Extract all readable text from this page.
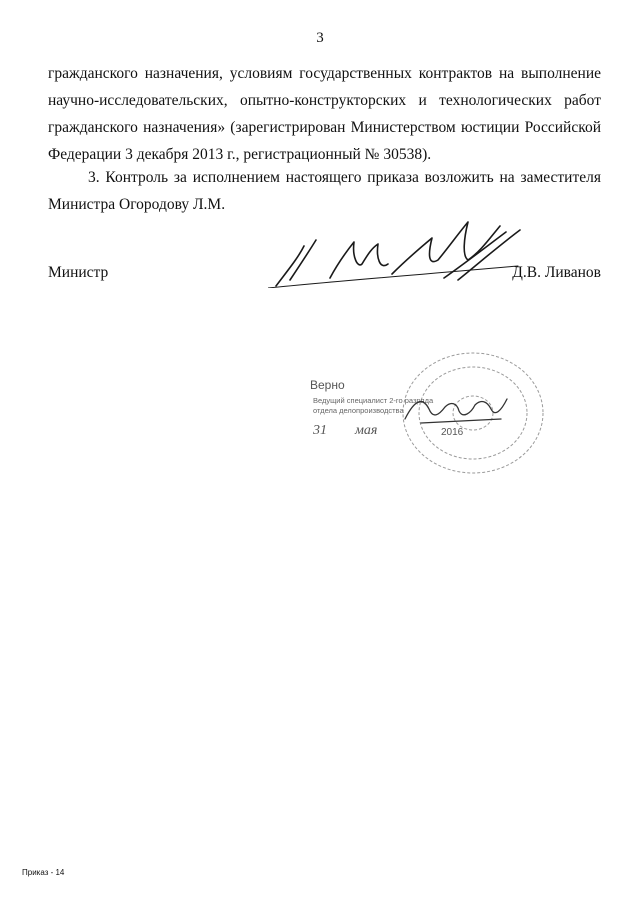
3
гражданского назначения, условиям государственных контрактов на выполнение научно-исследовательских, опытно-конструкторских и технологических работ гражданского назначения» (зарегистрирован Министерством юстиции Российской Федерации 3 декабря 2013 г., регистрационный № 30538).
3. Контроль за исполнением настоящего приказа возложить на заместителя Министра Огородову Л.М.
Министр	Д.В. Ливанов
Верно
Ведущий специалист 2-го разряда
отдела делопроизводства
31 мая	2016
Приказ - 14
